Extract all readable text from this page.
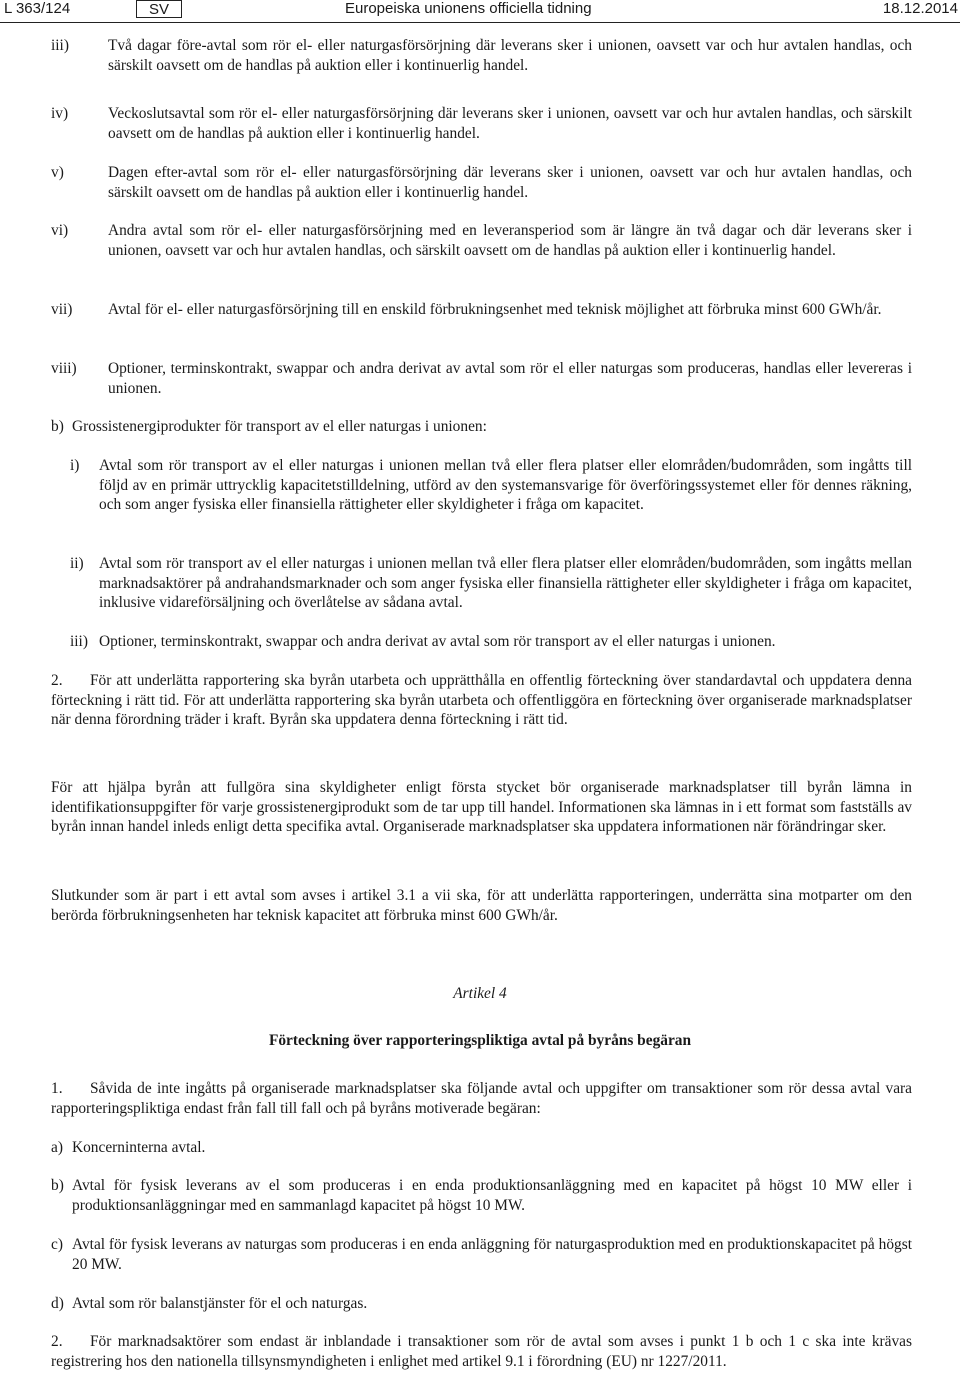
L 363/124	SV	Europeiska unionens officiella tidning	18.12.2014
iii)	Två dagar före-avtal som rör el- eller naturgasförsörjning där leverans sker i unionen, oavsett var och hur avtalen handlas, och särskilt oavsett om de handlas på auktion eller i kontinuerlig handel.
iv)	Veckoslutsavtal som rör el- eller naturgasförsörjning där leverans sker i unionen, oavsett var och hur avtalen handlas, och särskilt oavsett om de handlas på auktion eller i kontinuerlig handel.
v)	Dagen efter-avtal som rör el- eller naturgasförsörjning där leverans sker i unionen, oavsett var och hur avtalen handlas, och särskilt oavsett om de handlas på auktion eller i kontinuerlig handel.
vi)	Andra avtal som rör el- eller naturgasförsörjning med en leveransperiod som är längre än två dagar och där leverans sker i unionen, oavsett var och hur avtalen handlas, och särskilt oavsett om de handlas på auktion eller i kontinuerlig handel.
vii) Avtal för el- eller naturgasförsörjning till en enskild förbrukningsenhet med teknisk möjlighet att förbruka minst 600 GWh/år.
viii) Optioner, terminskontrakt, swappar och andra derivat av avtal som rör el eller naturgas som produceras, handlas eller levereras i unionen.
b) Grossistenergiprodukter för transport av el eller naturgas i unionen:
i) Avtal som rör transport av el eller naturgas i unionen mellan två eller flera platser eller elområden/budområden, som ingåtts till följd av en primär uttrycklig kapacitetstilldelning, utförd av den systemansvarige för överföringssystemet eller för dennes räkning, och som anger fysiska eller finansiella rättigheter eller skyldigheter i fråga om kapacitet.
ii) Avtal som rör transport av el eller naturgas i unionen mellan två eller flera platser eller elområden/budområden, som ingåtts mellan marknadsaktörer på andrahandsmarknader och som anger fysiska eller finansiella rättigheter eller skyldigheter i fråga om kapacitet, inklusive vidareförsäljning och överlåtelse av sådana avtal.
iii) Optioner, terminskontrakt, swappar och andra derivat av avtal som rör transport av el eller naturgas i unionen.
2. För att underlätta rapportering ska byrån utarbeta och upprätthålla en offentlig förteckning över standardavtal och uppdatera denna förteckning i rätt tid. För att underlätta rapportering ska byrån utarbeta och offentliggöra en förteckning över organiserade marknadsplatser när denna förordning träder i kraft. Byrån ska uppdatera denna förteckning i rätt tid.
För att hjälpa byrån att fullgöra sina skyldigheter enligt första stycket bör organiserade marknadsplatser till byrån lämna in identifikationsuppgifter för varje grossistenergiprodukt som de tar upp till handel. Informationen ska lämnas in i ett format som fastställs av byrån innan handel inleds enligt detta specifika avtal. Organiserade marknadsplatser ska uppdatera informationen när förändringar sker.
Slutkunder som är part i ett avtal som avses i artikel 3.1 a vii ska, för att underlätta rapporteringen, underrätta sina motparter om den berörda förbrukningsenheten har teknisk kapacitet att förbruka minst 600 GWh/år.
Artikel 4
Förteckning över rapporteringspliktiga avtal på byråns begäran
1. Såvida de inte ingåtts på organiserade marknadsplatser ska följande avtal och uppgifter om transaktioner som rör dessa avtal vara rapporteringspliktiga endast från fall till fall och på byråns motiverade begäran:
a) Koncerninterna avtal.
b) Avtal för fysisk leverans av el som produceras i en enda produktionsanläggning med en kapacitet på högst 10 MW eller i produktionsanläggningar med en sammanlagd kapacitet på högst 10 MW.
c) Avtal för fysisk leverans av naturgas som produceras i en enda anläggning för naturgasproduktion med en produktionskapacitet på högst 20 MW.
d) Avtal som rör balanstjänster för el och naturgas.
2. För marknadsaktörer som endast är inblandade i transaktioner som rör de avtal som avses i punkt 1 b och 1 c ska inte krävas registrering hos den nationella tillsynsmyndigheten i enlighet med artikel 9.1 i förordning (EU) nr 1227/2011.
